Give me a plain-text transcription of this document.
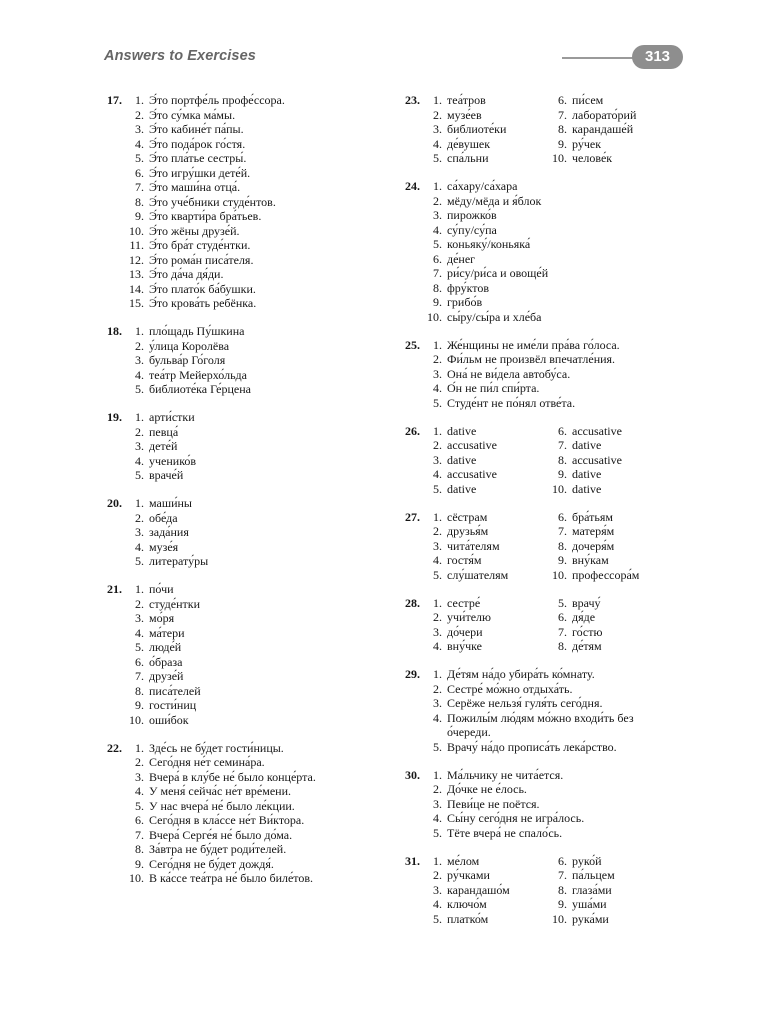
Answers to Exercises	313
17.	1. Э́то портфе́ль профе́ссора.
2. Э́то су́мка ма́мы.
3. Э́то кабине́т па́пы.
4. Э́то пода́рок го́стя.
5. Э́то пла́тье сестры́.
6. Э́то игру́шки дете́й.
7. Э́то маши́на отца́.
8. Э́то уче́бники студе́нтов.
9. Э́то кварти́ра бра́тьев.
10. Э́то жёны друзе́й.
11. Э́то бра́т студе́нтки.
12. Э́то рома́н писа́теля.
13. Э́то да́ча дя́ди.
14. Э́то плато́к ба́бушки.
15. Э́то крова́ть ребёнка.
18.	1. пло́щадь Пу́шкина
2. у́лица Королёва
3. бульва́р Го́голя
4. теа́тр Мейерхо́льда
5. библиоте́ка Ге́рцена
19.	1. арти́стки
2. певца́
3. дете́й
4. ученико́в
5. враче́й
20.	1. маши́ны
2. обе́да
3. зада́ния
4. музе́я
5. литерату́ры
21.	1. по́чи
2. студе́нтки
3. мо́ря
4. ма́тери
5. люде́й
6. о́браза
7. друзе́й
8. писа́телей
9. гости́ниц
10. оши́бок
22.	1. Зде́сь не бу́дет гости́ницы.
2. Сего́дня не́т семина́ра.
3. Вчера́ в клу́бе не́ было конце́рта.
4. У меня́ сейча́с не́т вре́мени.
5. У нас вчера́ не́ было ле́кции.
6. Сего́дня в кла́ссе не́т Ви́ктора.
7. Вчера́ Серге́я не́ было до́ма.
8. За́втра не бу́дет роди́телей.
9. Сего́дня не бу́дет дождя́.
10. В ка́ссе теа́тра не́ было биле́тов.
23.	1. теа́тров
2. музе́ев
3. библиоте́ки
4. де́вушек
5. спа́льни
6. пи́сем
7. лаборато́рий
8. карандаше́й
9. ру́чек
10. челове́к
24.	1. са́хару/са́хара
2. мёду/мёда и я́блок
3. пирожко́в
4. су́пу/су́па
5. коньяку́/коньяка́
6. де́нег
7. ри́су/ри́са и овоще́й
8. фру́ктов
9. грибо́в
10. сы́ру/сы́ра и хле́ба
25.	1. Же́нщины не име́ли пра́ва го́лоса.
2. Фи́льм не произвёл впечатле́ния.
3. Она́ не ви́дела автобу́са.
4. О́н не пи́л спи́рта.
5. Студе́нт не по́нял отве́та.
26.	1. dative
2. accusative
3. dative
4. accusative
5. dative
6. accusative
7. dative
8. accusative
9. dative
10. dative
27.	1. сёстрам
2. друзья́м
3. чита́телям
4. гостя́м
5. слу́шателям
6. бра́тьям
7. матеря́м
8. дочеря́м
9. вну́кам
10. профессора́м
28.	1. сестре́
2. учи́телю
3. до́чери
4. вну́чке
5. врачу́
6. дя́де
7. го́стю
8. де́тям
29.	1. Де́тям на́до убира́ть ко́мнату.
2. Сестре́ мо́жно отдыха́ть.
3. Серёже нельзя́ гуля́ть сего́дня.
4. Пожилы́м лю́дям мо́жно входи́ть без о́череди.
5. Врачу́ на́до прописа́ть лека́рство.
30.	1. Ма́льчику не чита́ется.
2. До́чке не е́лось.
3. Певи́це не поётся.
4. Сы́ну сего́дня не игра́лось.
5. Тёте вчера́ не спало́сь.
31.	1. ме́лом
2. ру́чками
3. карандашо́м
4. ключо́м
5. платко́м
6. руко́й
7. па́льцем
8. глаза́ми
9. уша́ми
10. рука́ми
